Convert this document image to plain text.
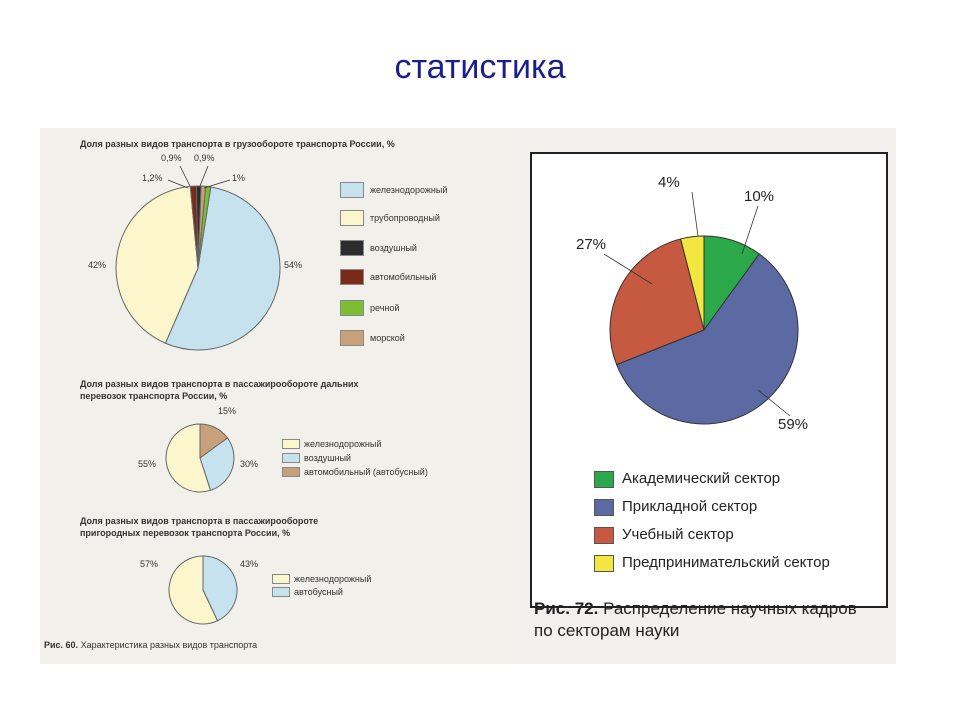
статистика
Доля разных видов транспорта в грузообороте транспорта России, %
0,9% 0,9%
1,2%	1%
54%
42%
железнодорожный
трубопроводный
воздушный
автомобильный
речной
морской
Доля разных видов транспорта в пассажирообороте дальних перевозок транспорта России, %
15%
30%
55%
железнодорожный
воздушный
автомобильный (автобусный)
Доля разных видов транспорта в пассажирообороте пригородных перевозок транспорта России, %
57%	43%
железнодорожный
автобусный
Рис. 60. Характеристика разных видов транспорта
4%
10%
27%
59%
Академический сектор
Прикладной сектор
Учебный сектор
Предпринимательский сектор
Рис. 72. Распределение научных кадров по секторам науки
